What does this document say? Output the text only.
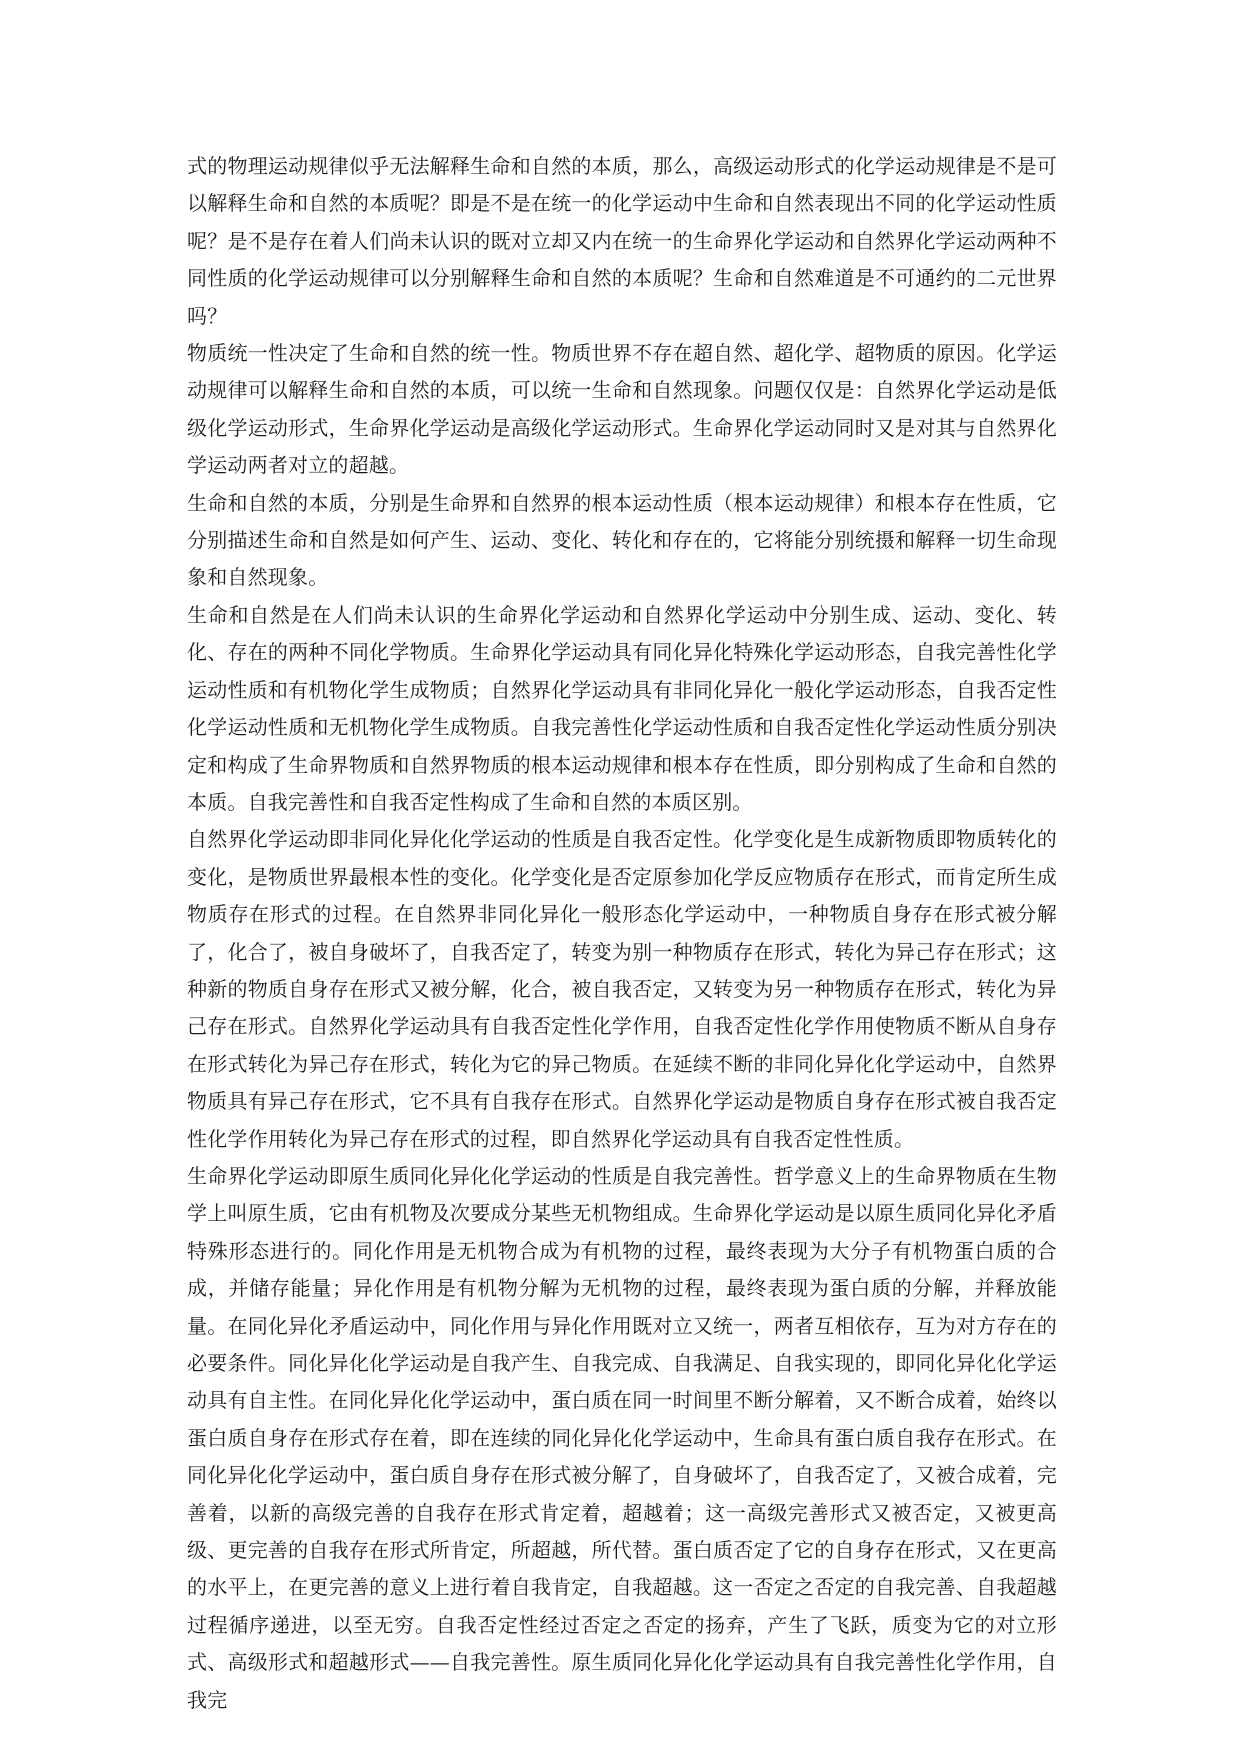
式的物理运动规律似乎无法解释生命和自然的本质，那么，高级运动形式的化学运动规律是不是可以解释生命和自然的本质呢？即是不是在统一的化学运动中生命和自然表现出不同的化学运动性质呢？是不是存在着人们尚未认识的既对立却又内在统一的生命界化学运动和自然界化学运动两种不同性质的化学运动规律可以分别解释生命和自然的本质呢？生命和自然难道是不可通约的二元世界吗？

物质统一性决定了生命和自然的统一性。物质世界不存在超自然、超化学、超物质的原因。化学运动规律可以解释生命和自然的本质，可以统一生命和自然现象。问题仅仅是：自然界化学运动是低级化学运动形式，生命界化学运动是高级化学运动形式。生命界化学运动同时又是对其与自然界化学运动两者对立的超越。

生命和自然的本质，分别是生命界和自然界的根本运动性质（根本运动规律）和根本存在性质，它分别描述生命和自然是如何产生、运动、变化、转化和存在的，它将能分别统摄和解释一切生命现象和自然现象。

生命和自然是在人们尚未认识的生命界化学运动和自然界化学运动中分别生成、运动、变化、转化、存在的两种不同化学物质。生命界化学运动具有同化异化特殊化学运动形态，自我完善性化学运动性质和有机物化学生成物质；自然界化学运动具有非同化异化一般化学运动形态，自我否定性化学运动性质和无机物化学生成物质。自我完善性化学运动性质和自我否定性化学运动性质分别决定和构成了生命界物质和自然界物质的根本运动规律和根本存在性质，即分别构成了生命和自然的本质。自我完善性和自我否定性构成了生命和自然的本质区别。

自然界化学运动即非同化异化化学运动的性质是自我否定性。化学变化是生成新物质即物质转化的变化，是物质世界最根本性的变化。化学变化是否定原参加化学反应物质存在形式，而肯定所生成物质存在形式的过程。在自然界非同化异化一般形态化学运动中，一种物质自身存在形式被分解了，化合了，被自身破坏了，自我否定了，转变为别一种物质存在形式，转化为异己存在形式；这种新的物质自身存在形式又被分解，化合，被自我否定，又转变为另一种物质存在形式，转化为异己存在形式。自然界化学运动具有自我否定性化学作用，自我否定性化学作用使物质不断从自身存在形式转化为异己存在形式，转化为它的异己物质。在延续不断的非同化异化化学运动中，自然界物质具有异己存在形式，它不具有自我存在形式。自然界化学运动是物质自身存在形式被自我否定性化学作用转化为异己存在形式的过程，即自然界化学运动具有自我否定性性质。

生命界化学运动即原生质同化异化化学运动的性质是自我完善性。哲学意义上的生命界物质在生物学上叫原生质，它由有机物及次要成分某些无机物组成。生命界化学运动是以原生质同化异化矛盾特殊形态进行的。同化作用是无机物合成为有机物的过程，最终表现为大分子有机物蛋白质的合成，并储存能量；异化作用是有机物分解为无机物的过程，最终表现为蛋白质的分解，并释放能量。在同化异化矛盾运动中，同化作用与异化作用既对立又统一，两者互相依存，互为对方存在的必要条件。同化异化化学运动是自我产生、自我完成、自我满足、自我实现的，即同化异化化学运动具有自主性。在同化异化化学运动中，蛋白质在同一时间里不断分解着，又不断合成着，始终以蛋白质自身存在形式存在着，即在连续的同化异化化学运动中，生命具有蛋白质自我存在形式。在同化异化化学运动中，蛋白质自身存在形式被分解了，自身破坏了，自我否定了，又被合成着，完善着，以新的高级完善的自我存在形式肯定着，超越着；这一高级完善形式又被否定，又被更高级、更完善的自我存在形式所肯定，所超越，所代替。蛋白质否定了它的自身存在形式，又在更高的水平上，在更完善的意义上进行着自我肯定，自我超越。这一否定之否定的自我完善、自我超越过程循序递进，以至无穷。自我否定性经过否定之否定的扬弃，产生了飞跃，质变为它的对立形式、高级形式和超越形式——自我完善性。原生质同化异化化学运动具有自我完善性化学作用，自我完
